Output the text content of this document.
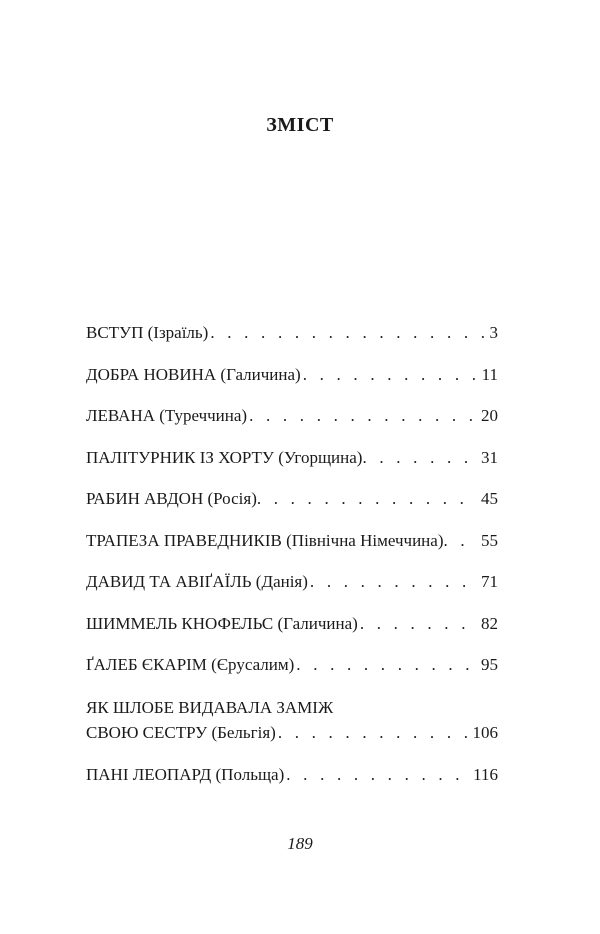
ЗМІСТ
ВСТУП (Ізраїль) . . .	3
ДОБРА НОВИНА (Галичина) . . .	11
ЛЕВАНА (Туреччина) . . .	20
ПАЛІТУРНИК ІЗ ХОРТУ (Угорщина) . . .	31
РАБИН АВДОН (Росія) . . .	45
ТРАПЕЗА ПРАВЕДНИКІВ (Північна Німеччина) . . . 55
ДАВИД ТА АВІҐАЇЛЬ (Данія) . . .	71
ШИММЕЛЬ КНОФЕЛЬС (Галичина) . . .	82
ҐАЛЕБ ЄКАРІМ (Єрусалим) . . .	95
ЯК ШЛОБЕ ВИДАВАЛА ЗАМІЖ
СВОЮ СЕСТРУ (Бельгія) . . .	106
ПАНІ ЛЕОПАРД (Польща) . . .	116
189
